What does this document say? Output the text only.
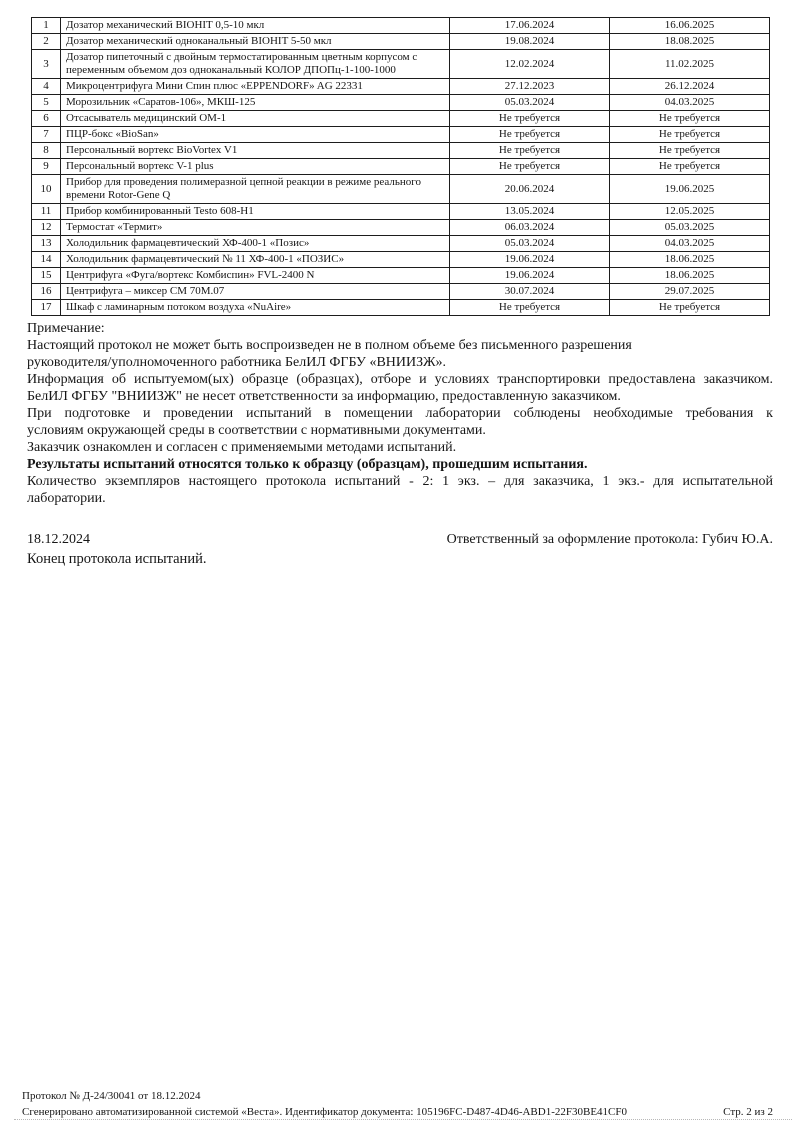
1	Дозатор механический BIOHIT 0,5-10 мкл	17.06.2024	16.06.2025
2	Дозатор механический одноканальный BIOHIT 5-50 мкл	19.08.2024	18.08.2025
3	Дозатор пипеточный с двойным термостатированным цветным корпусом с переменным объемом доз одноканальный КОЛОР ДПОПц-1-100-1000	12.02.2024	11.02.2025
4	Микроцентрифуга Мини Спин плюс «EPPENDORF» AG 22331	27.12.2023	26.12.2024
5	Морозильник «Саратов-106», МКШ-125	05.03.2024	04.03.2025
6	Отсасыватель медицинский ОМ-1	Не требуется	Не требуется
7	ПЦР-бокс «BioSan»	Не требуется	Не требуется
8	Персональный вортекс BioVortex V1	Не требуется	Не требуется
9	Персональный вортекс V-1 plus	Не требуется	Не требуется
10	Прибор для проведения полимеразной цепной реакции в режиме реального времени Rotor-Gene Q	20.06.2024	19.06.2025
11	Прибор комбинированный Testo 608-H1	13.05.2024	12.05.2025
12	Термостат «Термит»	06.03.2024	05.03.2025
13	Холодильник фармацевтический ХФ-400-1 «Позис»	05.03.2024	04.03.2025
14	Холодильник фармацевтический № 11 ХФ-400-1 «ПОЗИС»	19.06.2024	18.06.2025
15	Центрифуга «Фуга/вортекс Комбиспин» FVL-2400 N	19.06.2024	18.06.2025
16	Центрифуга – миксер СМ 70М.07	30.07.2024	29.07.2025
17	Шкаф с ламинарным потоком воздуха «NuAire»	Не требуется	Не требуется
Примечание:
Настоящий протокол не может быть воспроизведен не в полном объеме без письменного разрешения
руководителя/уполномоченного работника БелИЛ ФГБУ «ВНИИЗЖ».
Информация об испытуемом(ых) образце (образцах), отборе и условиях транспортировки предоставлена заказчиком.
БелИЛ ФГБУ "ВНИИЗЖ" не несет ответственности за информацию, предоставленную заказчиком.
При подготовке и проведении испытаний в помещении лаборатории соблюдены необходимые требования к
условиям окружающей среды в соответствии с нормативными документами.
Заказчик ознакомлен и согласен с применяемыми методами испытаний.
Результаты испытаний относятся только к образцу (образцам), прошедшим испытания.
Количество экземпляров настоящего протокола испытаний - 2: 1 экз. – для заказчика, 1 экз.- для испытательной
лаборатории.
18.12.2024	Ответственный за оформление протокола: Губич Ю.А.
Конец протокола испытаний.
Протокол № Д-24/30041 от 18.12.2024
Сгенерировано автоматизированной системой «Веста». Идентификатор документа: 105196FC-D487-4D46-ABD1-22F30BE41CF0	Стр. 2 из 2
